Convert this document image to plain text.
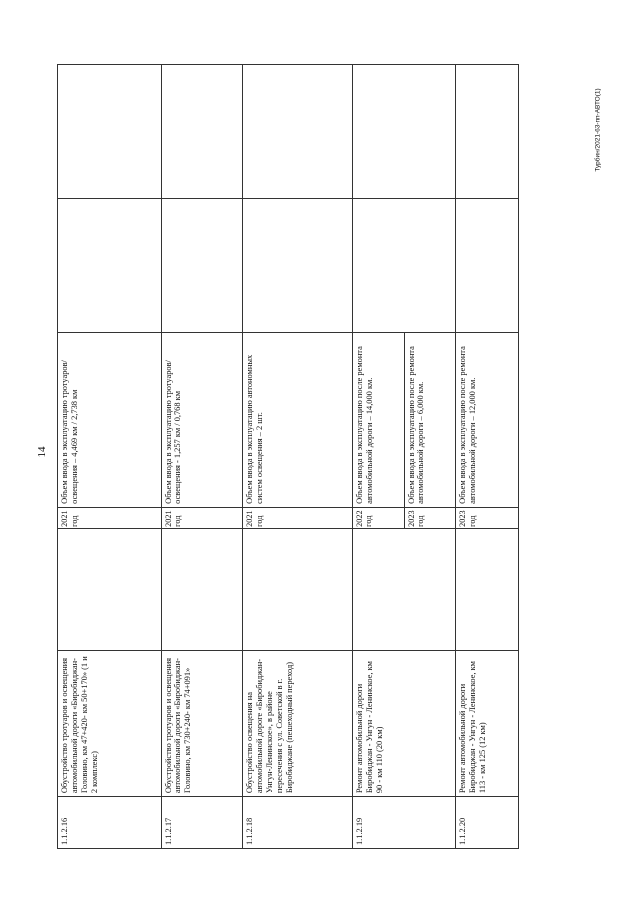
14
Турбин/2021-63-пп-АВТО(1)
1.1.2.16
Обустройство тротуаров и освещения автомобильной дороги «Биробиджан-Головино, км 47+420- км 50+170» (1 и 2 комплекс)
2021 год
Объем ввода в эксплуатацию тротуаров/освещения – 4,469 км / 2,738 км
1.1.2.17
Обустройство тротуаров и освещения автомобильной дороги «Биробиджан-Головино, км 730+240- км 74+091»
2021 год
Объем ввода в эксплуатацию тротуаров/освещения - 1,257 км / 0,768 км
1.1.2.18
Обустройство освещения на автомобильной дороге «Биробиджан-Унгун-Ленинское», в районе пересечения с ул. Советской в г. Биробиджане (пешеходный переход)
2021 год
Объем ввода в эксплуатацию автономных систем освещения – 2 шт.
1.1.2.19
Ремонт автомобильной дороги Биробиджан - Унгун - Ленинское, км 90 - км 110 (20 км)
2022 год
Объем ввода в эксплуатацию после ремонта автомобильной дороги – 14,000 км.
2023 год
Объем ввода в эксплуатацию после ремонта автомобильной дороги – 6,000 км.
1.1.2.20
Ремонт автомобильной дороги Биробиджан - Унгун - Ленинское, км 113 - км 125 (12 км)
2023 год
Объем ввода в эксплуатацию после ремонта автомобильной дороги – 12,000 км.
